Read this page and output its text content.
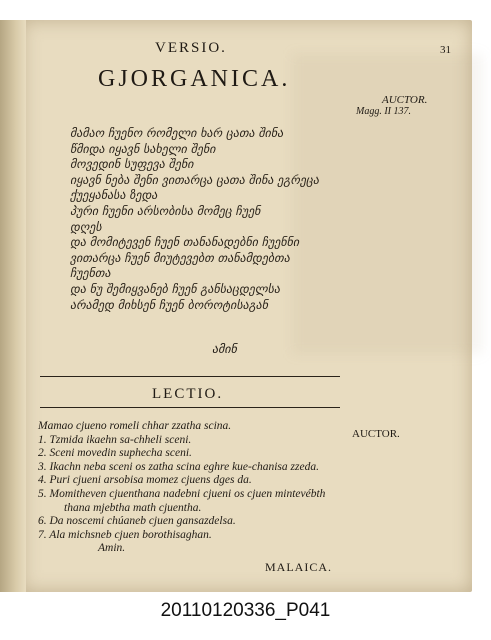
VERSIO.	31
GJORGANICA.
AUCTOR.
Magg. II 137.
მამაო ჩუენო რომელი ხარ ცათა შინა
წმიდა იყავნ სახელი შენი
მოვედინ სუფევა შენი
იყავნ ნება შენი ვითარცა ცათა შინა ეგრეცა
ქუეყანასა ზედა
პური ჩუენი არსობისა მომეც ჩუენ
დღეს
და მომიტევენ ჩუენ თანანადებნი ჩუენნი
ვითარცა ჩუენ მიუტევებთ თანამდებთა
ჩუენთა
და ნუ შემიყვანებ ჩუენ განსაცდელსა
არამედ მიხსენ ჩუენ ბოროტისაგან
ამინ
LECTIO.
AUCTOR.
Mamao cjueno romeli chhar zzatha scina.
1. Tzmida ikaehn sa-chheli sceni.
2. Sceni movedin suphecha sceni.
3. Ikachn neba sceni os zatha scina eghre kue-chanisa zzeda.
4. Puri cjueni arsobisa momez cjuens dges da.
5. Momitheven cjuenthana nadebni cjueni os cjuen mintevébth
thana mjebtha math cjuentha.
6. Da noscemi chúaneb cjuen gansazdelsa.
7. Ala michsneb cjuen borothisaghan.
Amin.
MALAICA.
20110120336_P041
